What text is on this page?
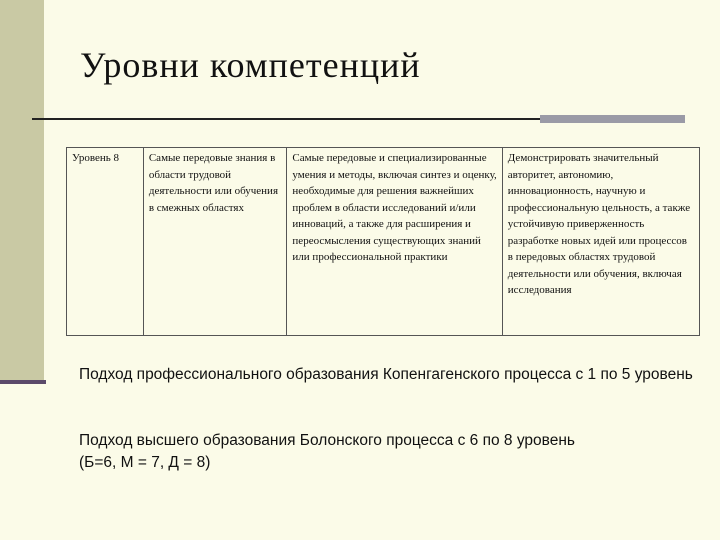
Уровни компетенций
Уровень 8	Самые передовые знания в области трудовой деятельности или обучения в смежных областях	Самые передовые и специализированные умения и методы, включая синтез и оценку, необходимые для решения важнейших проблем в области исследований и/или инноваций, а также для расширения и переосмысления существующих знаний или профессиональной практики	Демонстрировать значительный авторитет, автономию, инновационность, научную и профессиональную цельность, а также устойчивую приверженность разработке новых идей или процессов в передовых областях трудовой деятельности или обучения, включая исследования

Подход профессионального образования Копенгагенского процесса с 1 по 5 уровень

Подход высшего образования Болонского процесса с 6 по 8 уровень
(Б=6, М = 7, Д = 8)
